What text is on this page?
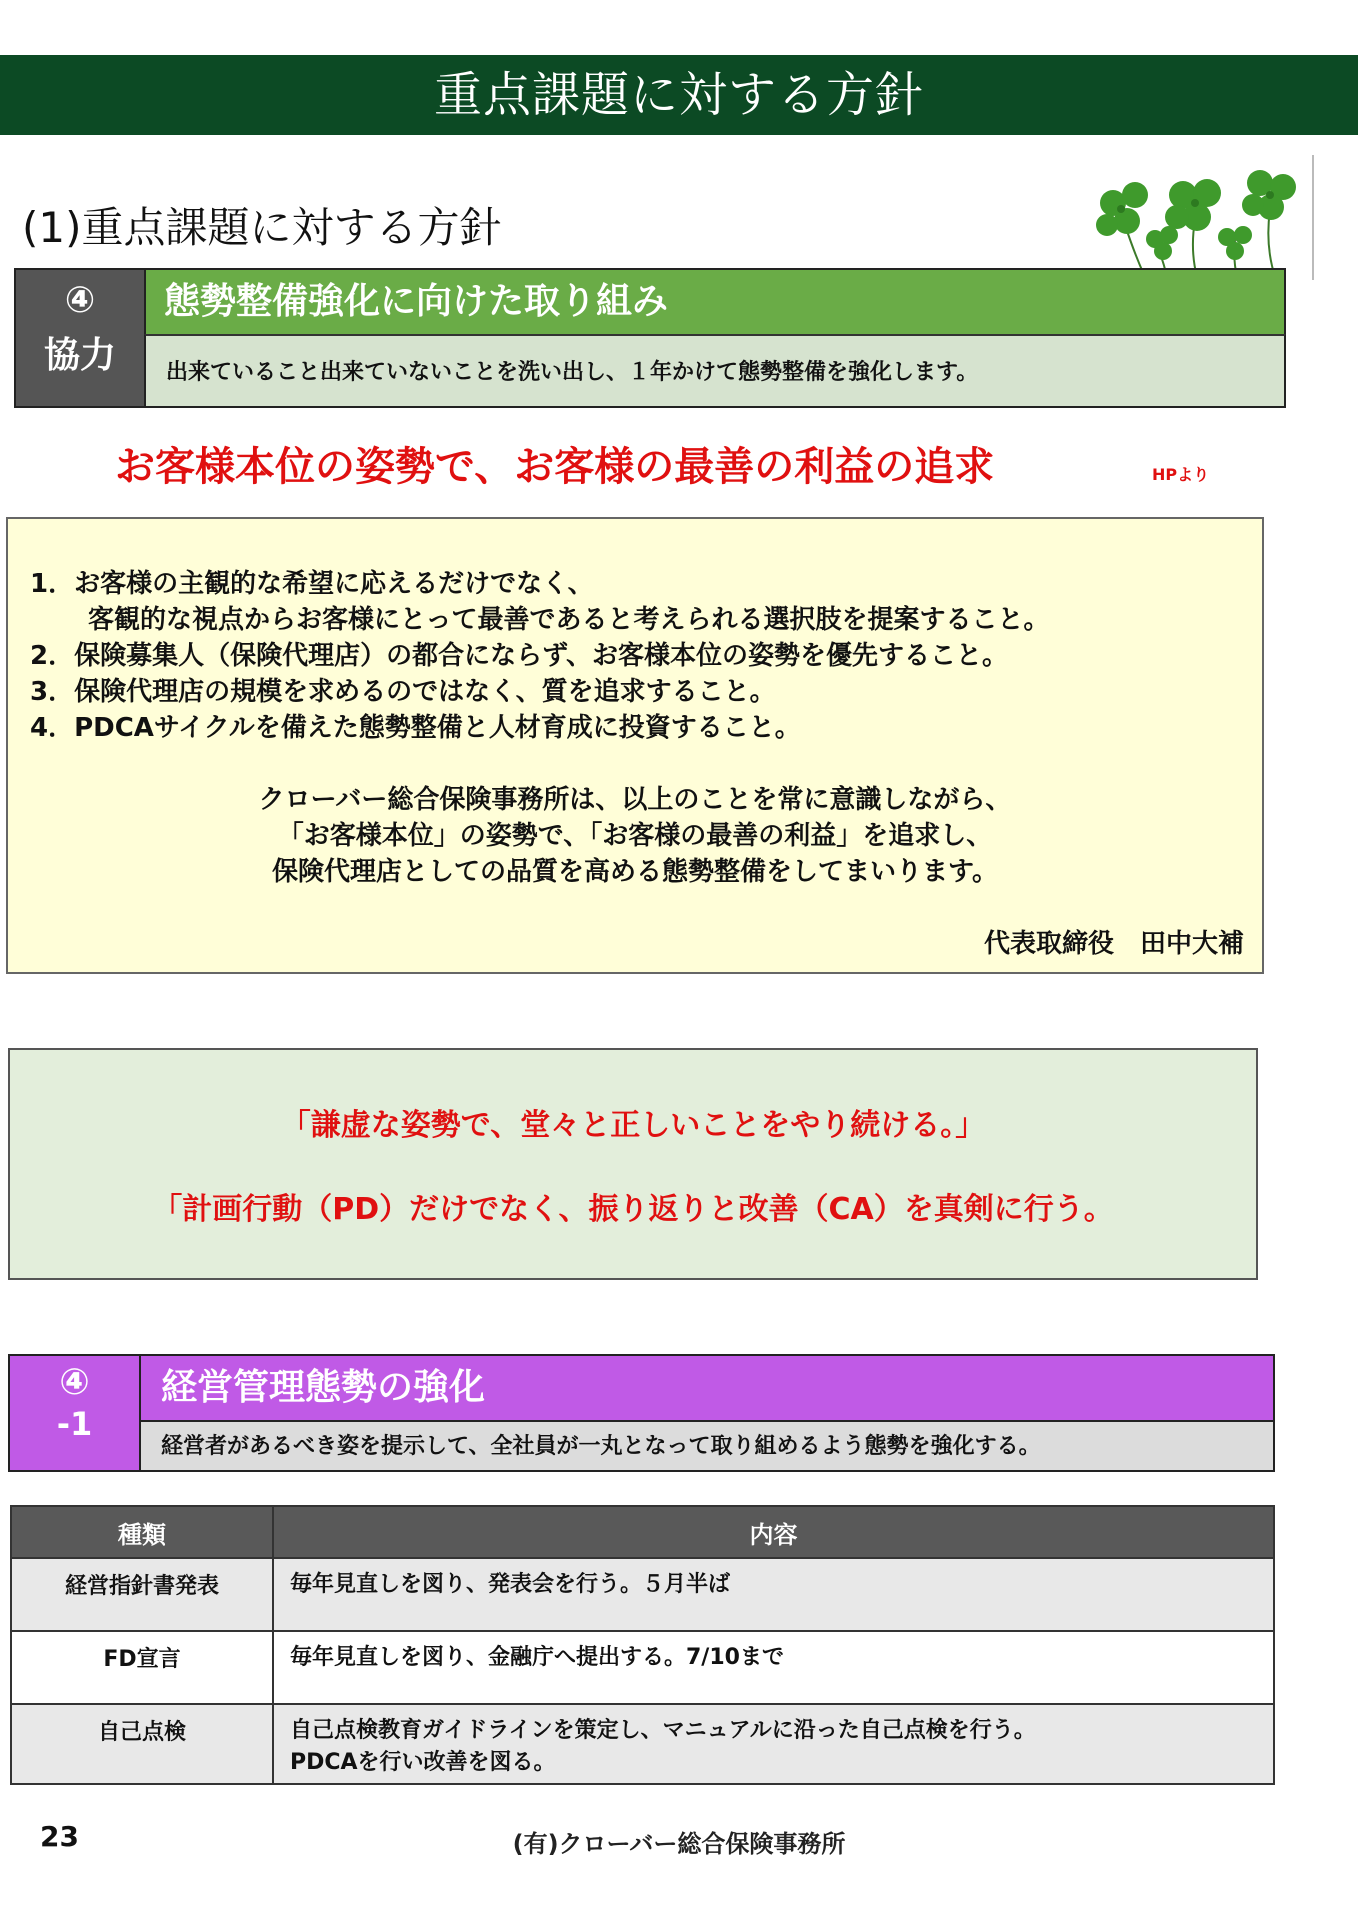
重点課題に対する方針
(1)重点課題に対する方針
④
協力
態勢整備強化に向けた取り組み
出来ていること出来ていないことを洗い出し、１年かけて態勢整備を強化します。
お客様本位の姿勢で、お客様の最善の利益の追求	HPより
1．お客様の主観的な希望に応えるだけでなく、
客観的な視点からお客様にとって最善であると考えられる選択肢を提案すること。
2．保険募集人（保険代理店）の都合にならず、お客様本位の姿勢を優先すること。
3．保険代理店の規模を求めるのではなく、質を追求すること。
4．PDCAサイクルを備えた態勢整備と人材育成に投資すること。
クローバー総合保険事務所は、以上のことを常に意識しながら、
「お客様本位」の姿勢で、「お客様の最善の利益」を追求し、
保険代理店としての品質を高める態勢整備をしてまいります。
代表取締役　田中大補
「謙虚な姿勢で、堂々と正しいことをやり続ける。」
「計画行動（PD）だけでなく、振り返りと改善（CA）を真剣に行う。
④
-1
経営管理態勢の強化
経営者があるべき姿を提示して、全社員が一丸となって取り組めるよう態勢を強化する。
種類	内容
経営指針書発表	毎年見直しを図り、発表会を行う。５月半ば
FD宣言	毎年見直しを図り、金融庁へ提出する。7/10まで
自己点検	自己点検教育ガイドラインを策定し、マニュアルに沿った自己点検を行う。
PDCAを行い改善を図る。
23	(有)クローバー総合保険事務所
